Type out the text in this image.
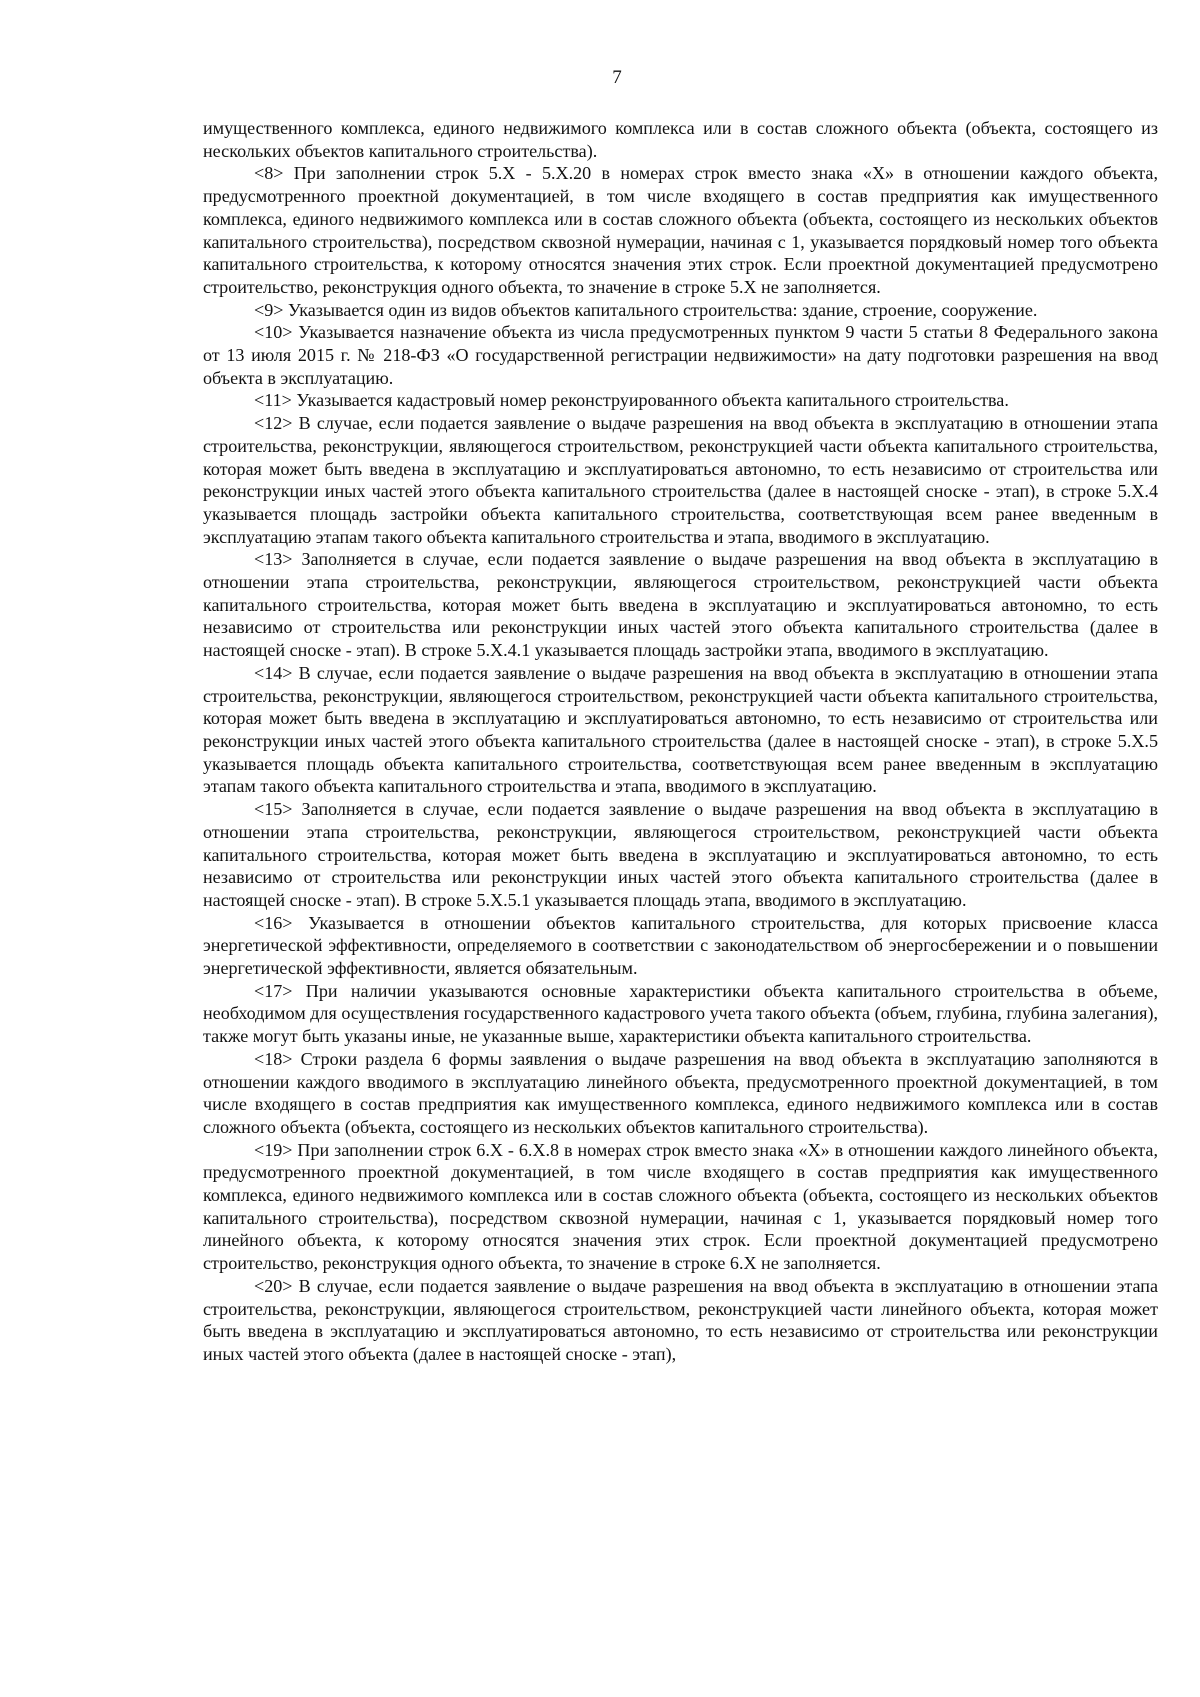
7

имущественного комплекса, единого недвижимого комплекса или в состав сложного объекта (объекта, состоящего из нескольких объектов капитального строительства).

<8> При заполнении строк 5.X - 5.X.20 в номерах строк вместо знака «X» в отношении каждого объекта, предусмотренного проектной документацией, в том числе входящего в состав предприятия как имущественного комплекса, единого недвижимого комплекса или в состав сложного объекта (объекта, состоящего из нескольких объектов капитального строительства), посредством сквозной нумерации, начиная с 1, указывается порядковый номер того объекта капитального строительства, к которому относятся значения этих строк. Если проектной документацией предусмотрено строительство, реконструкция одного объекта, то значение в строке 5.X не заполняется.

<9> Указывается один из видов объектов капитального строительства: здание, строение, сооружение.

<10> Указывается назначение объекта из числа предусмотренных пунктом 9 части 5 статьи 8 Федерального закона от 13 июля 2015 г. № 218-ФЗ «О государственной регистрации недвижимости» на дату подготовки разрешения на ввод объекта в эксплуатацию.

<11> Указывается кадастровый номер реконструированного объекта капитального строительства.

<12> В случае, если подается заявление о выдаче разрешения на ввод объекта в эксплуатацию в отношении этапа строительства, реконструкции, являющегося строительством, реконструкцией части объекта капитального строительства, которая может быть введена в эксплуатацию и эксплуатироваться автономно, то есть независимо от строительства или реконструкции иных частей этого объекта капитального строительства (далее в настоящей сноске - этап), в строке 5.X.4 указывается площадь застройки объекта капитального строительства, соответствующая всем ранее введенным в эксплуатацию этапам такого объекта капитального строительства и этапа, вводимого в эксплуатацию.

<13> Заполняется в случае, если подается заявление о выдаче разрешения на ввод объекта в эксплуатацию в отношении этапа строительства, реконструкции, являющегося строительством, реконструкцией части объекта капитального строительства, которая может быть введена в эксплуатацию и эксплуатироваться автономно, то есть независимо от строительства или реконструкции иных частей этого объекта капитального строительства (далее в настоящей сноске - этап). В строке 5.X.4.1 указывается площадь застройки этапа, вводимого в эксплуатацию.

<14> В случае, если подается заявление о выдаче разрешения на ввод объекта в эксплуатацию в отношении этапа строительства, реконструкции, являющегося строительством, реконструкцией части объекта капитального строительства, которая может быть введена в эксплуатацию и эксплуатироваться автономно, то есть независимо от строительства или реконструкции иных частей этого объекта капитального строительства (далее в настоящей сноске - этап), в строке 5.X.5 указывается площадь объекта капитального строительства, соответствующая всем ранее введенным в эксплуатацию этапам такого объекта капитального строительства и этапа, вводимого в эксплуатацию.

<15> Заполняется в случае, если подается заявление о выдаче разрешения на ввод объекта в эксплуатацию в отношении этапа строительства, реконструкции, являющегося строительством, реконструкцией части объекта капитального строительства, которая может быть введена в эксплуатацию и эксплуатироваться автономно, то есть независимо от строительства или реконструкции иных частей этого объекта капитального строительства (далее в настоящей сноске - этап). В строке 5.X.5.1 указывается площадь этапа, вводимого в эксплуатацию.

<16> Указывается в отношении объектов капитального строительства, для которых присвоение класса энергетической эффективности, определяемого в соответствии с законодательством об энергосбережении и о повышении энергетической эффективности, является обязательным.

<17> При наличии указываются основные характеристики объекта капитального строительства в объеме, необходимом для осуществления государственного кадастрового учета такого объекта (объем, глубина, глубина залегания), также могут быть указаны иные, не указанные выше, характеристики объекта капитального строительства.

<18> Строки раздела 6 формы заявления о выдаче разрешения на ввод объекта в эксплуатацию заполняются в отношении каждого вводимого в эксплуатацию линейного объекта, предусмотренного проектной документацией, в том числе входящего в состав предприятия как имущественного комплекса, единого недвижимого комплекса или в состав сложного объекта (объекта, состоящего из нескольких объектов капитального строительства).

<19> При заполнении строк 6.X - 6.X.8 в номерах строк вместо знака «X» в отношении каждого линейного объекта, предусмотренного проектной документацией, в том числе входящего в состав предприятия как имущественного комплекса, единого недвижимого комплекса или в состав сложного объекта (объекта, состоящего из нескольких объектов капитального строительства), посредством сквозной нумерации, начиная с 1, указывается порядковый номер того линейного объекта, к которому относятся значения этих строк. Если проектной документацией предусмотрено строительство, реконструкция одного объекта, то значение в строке 6.X не заполняется.

<20> В случае, если подается заявление о выдаче разрешения на ввод объекта в эксплуатацию в отношении этапа строительства, реконструкции, являющегося строительством, реконструкцией части линейного объекта, которая может быть введена в эксплуатацию и эксплуатироваться автономно, то есть независимо от строительства или реконструкции иных частей этого объекта (далее в настоящей сноске - этап),
